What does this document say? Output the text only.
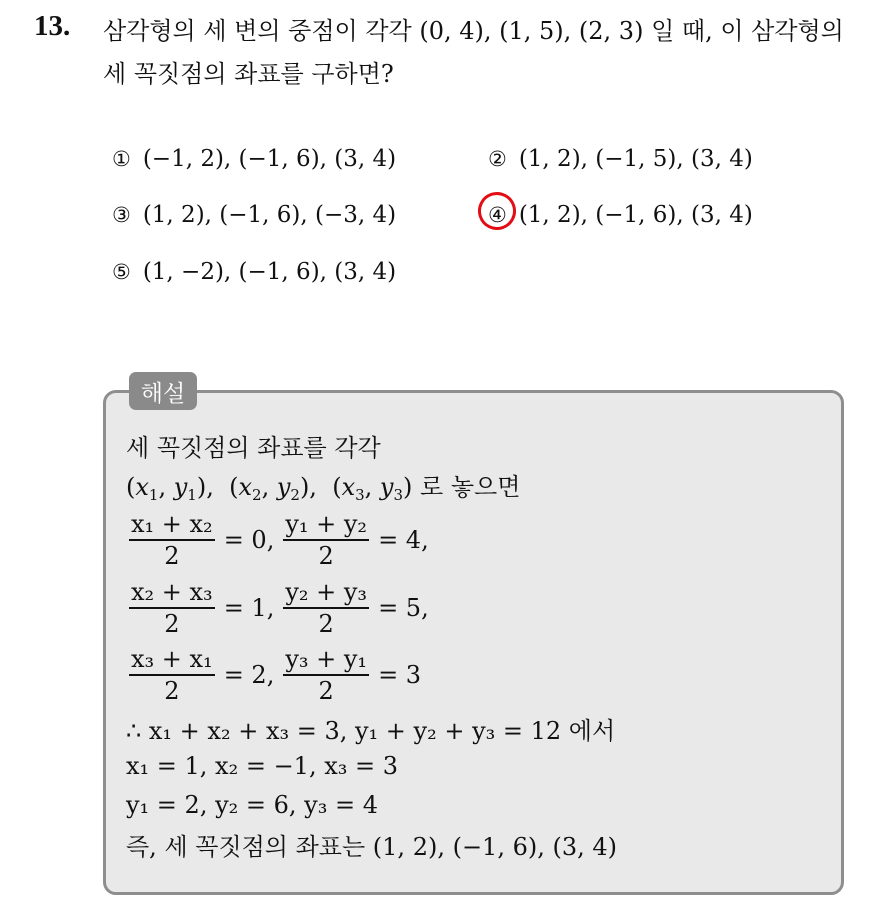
13. 삼각형의 세 변의 중점이 각각 (0, 4), (1, 5), (2, 3) 일 때, 이 삼각형의
세 꼭짓점의 좌표를 구하면?
① (−1, 2), (−1, 6), (3, 4)	② (1, 2), (−1, 5), (3, 4)
③ (1, 2), (−1, 6), (−3, 4)	④ (1, 2), (−1, 6), (3, 4)
⑤ (1, −2), (−1, 6), (3, 4)
해설
세 꼭짓점의 좌표를 각각
($x_1$, $y_1$),  ($x_2$, $y_2$),  ($x_3$, $y_3$) 로 놓으면
$\frac{\text{x₁ + x₂}}{2} = 0$, $\frac{\text{y₁ + y₂}}{2} = 4$,
$\frac{\text{x₂ + x₃}}{2} = 1$, $\frac{\text{y₂ + y₃}}{2} = 5$,
$\frac{\text{x₃ + x₁}}{2} = 2$, $\frac{\text{y₃ + y₁}}{2} = 3$
∴ x₁ + x₂ + x₃ = 3, y₁ + y₂ + y₃ = 12 에서
x₁ = 1, x₂ = −1, x₃ = 3
y₁ = 2, y₂ = 6, y₃ = 4
즉, 세 꼭짓점의 좌표는 (1, 2), (−1, 6), (3, 4)
